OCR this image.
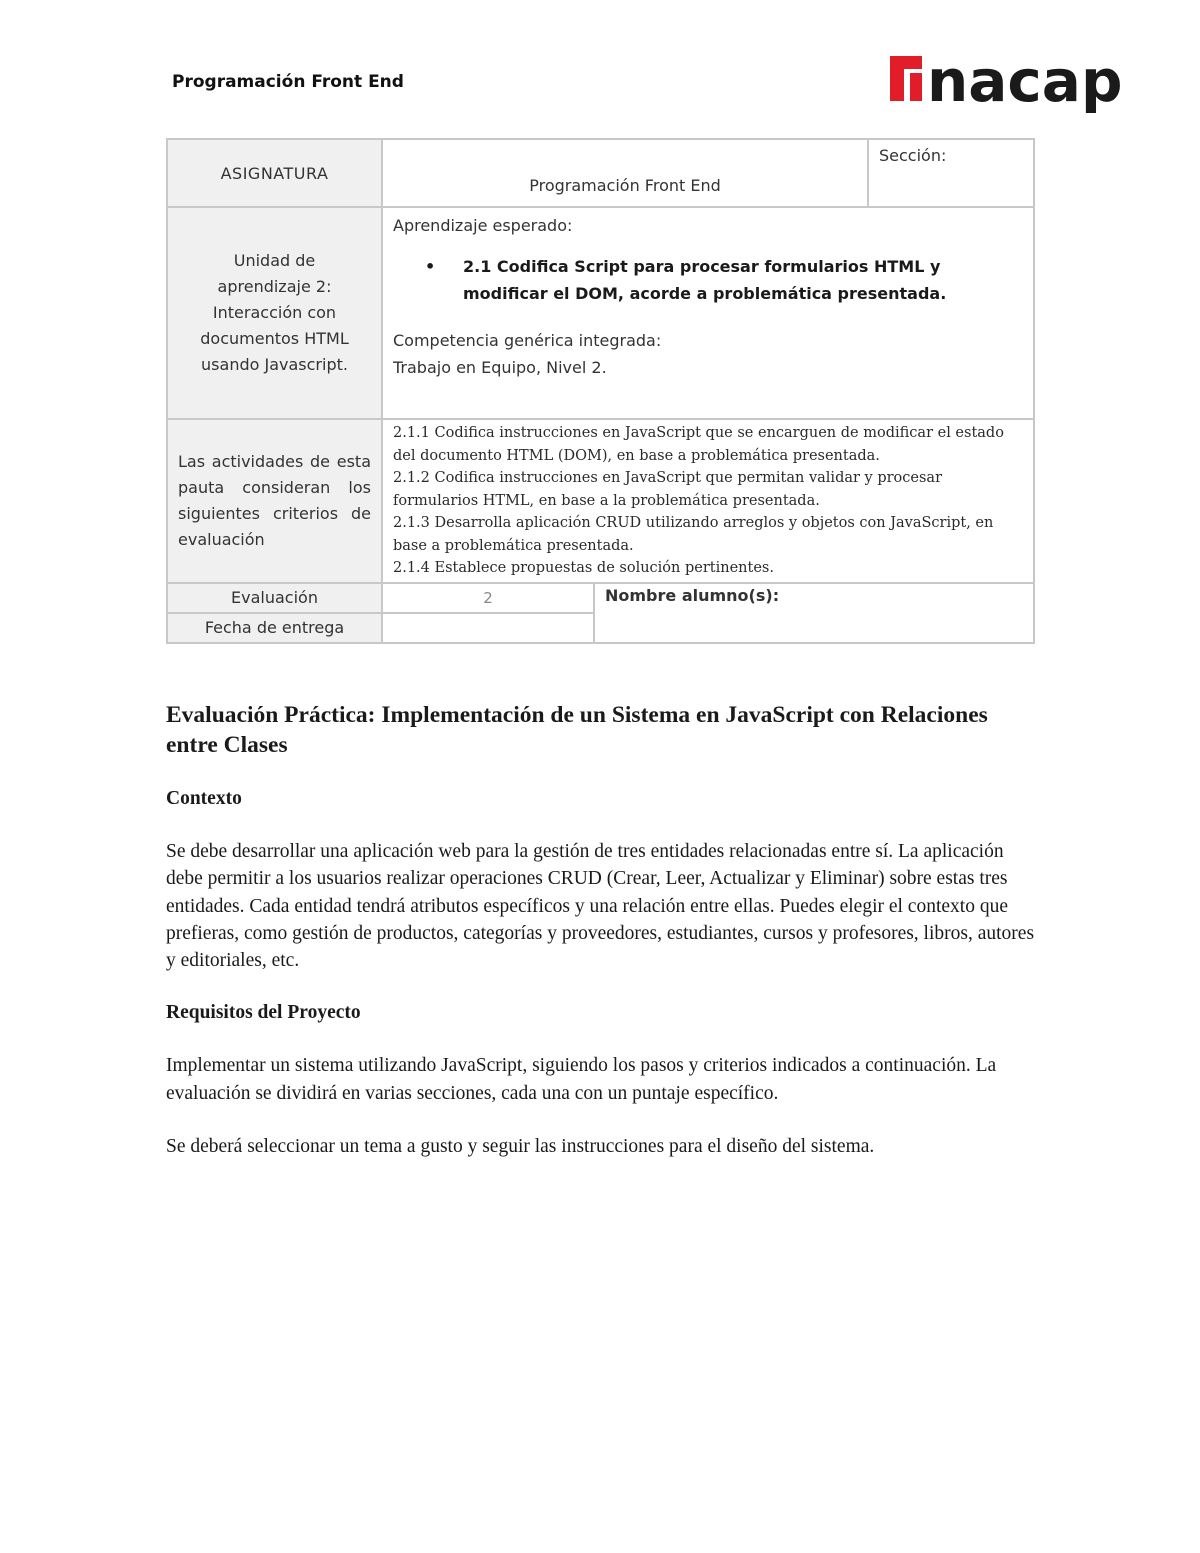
Programación Front End	nacap
ASIGNATURA	Programación Front End		Sección:
Unidad de aprendizaje 2: Interacción con documentos HTML usando Javascript.	Aprendizaje esperado:
• 2.1 Codifica Script para procesar formularios HTML y modificar el DOM, acorde a problemática presentada.
Competencia genérica integrada:
Trabajo en Equipo, Nivel 2.		

Las actividades de esta pauta consideran los siguientes criterios de evaluación	2.1.1 Codifica instrucciones en JavaScript que se encarguen de modificar el estado del documento HTML (DOM), en base a problemática presentada.
2.1.2 Codifica instrucciones en JavaScript que permitan validar y procesar formularios HTML, en base a la problemática presentada.
2.1.3 Desarrolla aplicación CRUD utilizando arreglos y objetos con JavaScript, en base a problemática presentada.
2.1.4 Establece propuestas de solución pertinentes.		

Evaluación	2	Nombre alumno(s):	
Fecha de entrega			
Evaluación Práctica: Implementación de un Sistema en JavaScript con Relaciones entre Clases
Contexto

Se debe desarrollar una aplicación web para la gestión de tres entidades relacionadas entre sí. La aplicación debe permitir a los usuarios realizar operaciones CRUD (Crear, Leer, Actualizar y Eliminar) sobre estas tres entidades. Cada entidad tendrá atributos específicos y una relación entre ellas. Puedes elegir el contexto que prefieras, como gestión de productos, categorías y proveedores, estudiantes, cursos y profesores, libros, autores y editoriales, etc.

Requisitos del Proyecto

Implementar un sistema utilizando JavaScript, siguiendo los pasos y criterios indicados a continuación. La evaluación se dividirá en varias secciones, cada una con un puntaje específico.

Se deberá seleccionar un tema a gusto y seguir las instrucciones para el diseño del sistema.
